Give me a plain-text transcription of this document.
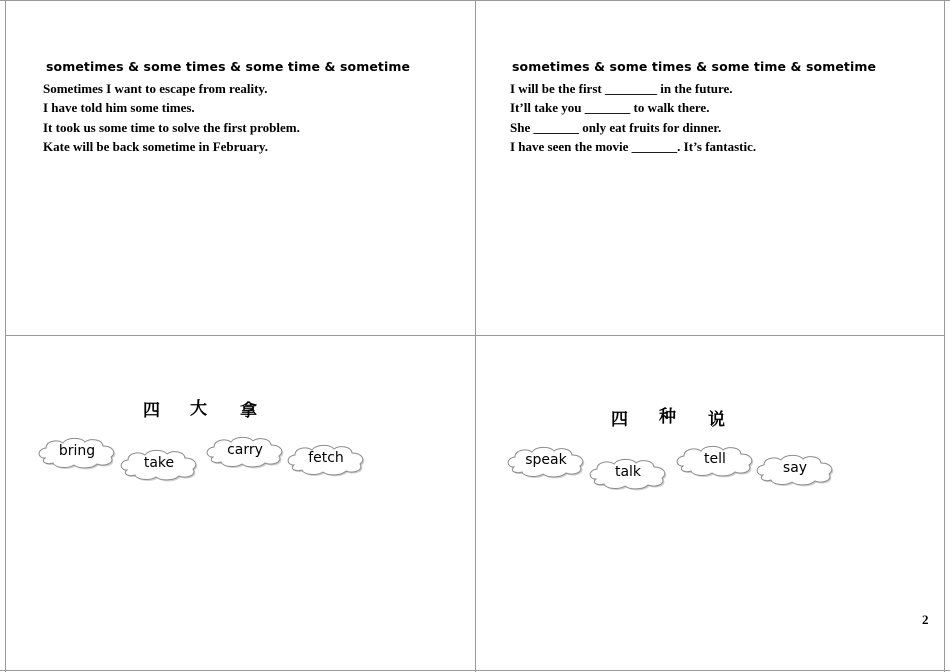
sometimes & some times & some time & sometime
Sometimes I want to escape from reality.
I have told him some times.
It took us some time to solve the first problem.
Kate will be back sometime in February.
sometimes & some times & some time & sometime
I will be the first ________ in the future.
It’ll take you _______ to walk there.
She _______ only eat fruits for dinner.
I have seen the movie _______. It’s fantastic.
四 大 拿
bring
take
carry	fetch
四 种 说
speak
talk
tell
say
2
